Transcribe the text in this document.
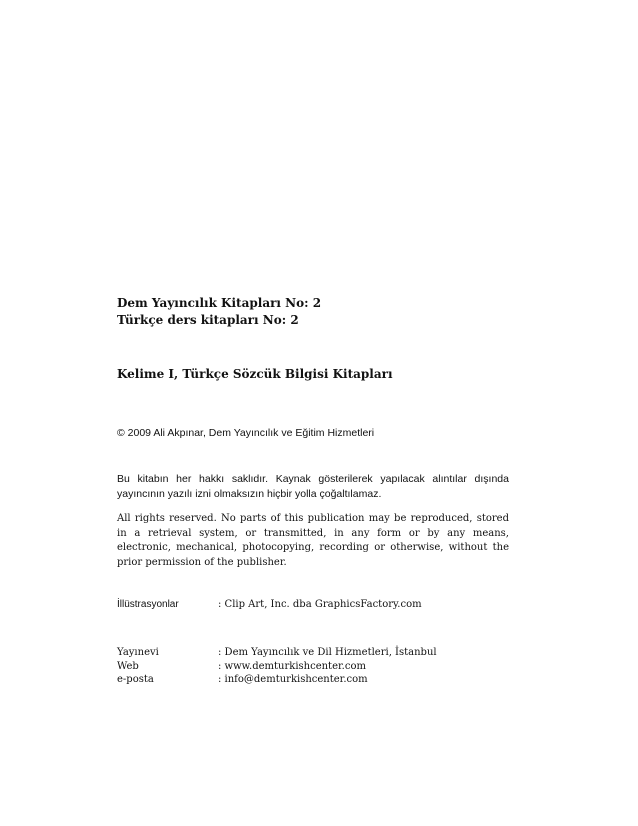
Dem Yayıncılık Kitapları No: 2

Türkçe ders kitapları No: 2

Kelime I, Türkçe Sözcük Bilgisi Kitapları

© 2009 Ali Akpınar, Dem Yayıncılık ve Eğitim Hizmetleri

Bu kitabın her hakkı saklıdır. Kaynak gösterilerek yapılacak alıntılar dışında yayıncının yazılı izni olmaksızın hiçbir yolla çoğaltılamaz.

All rights reserved. No parts of this publication may be reproduced, stored in a retrieval system, or transmitted, in any form or by any means, electronic, mechanical, photocopying, recording or otherwise, without the prior permission of the publisher.

İllüstrasyonlar	: Clip Art, Inc. dba GraphicsFactory.com
Yayınevi	: Dem Yayıncılık ve Dil Hizmetleri, İstanbul
Web	: www.demturkishcenter.com
e-posta	: info@demturkishcenter.com
